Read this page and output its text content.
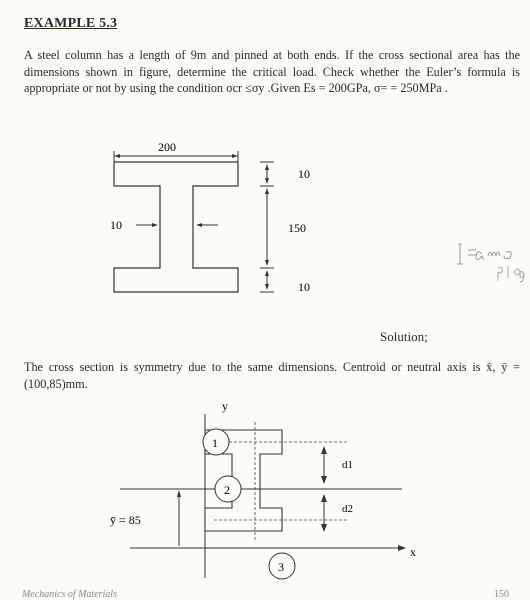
EXAMPLE 5.3
A steel column has a length of 9m and pinned at both ends. If the cross sectional area has the dimensions shown in figure, determine the critical load. Check whether the Euler’s formula is appropriate or not by using the condition σcr ≤σy .Given Es = 200GPa, σ= = 250MPa .
200
10
10
150
10
Solution;
The cross section is symmetry due to the same dimensions. Centroid or neutral axis is x̄, ȳ = (100,85)mm.
y
x
ȳ = 85
1
2
3
d1
d2
Mechanics of Materials	150
